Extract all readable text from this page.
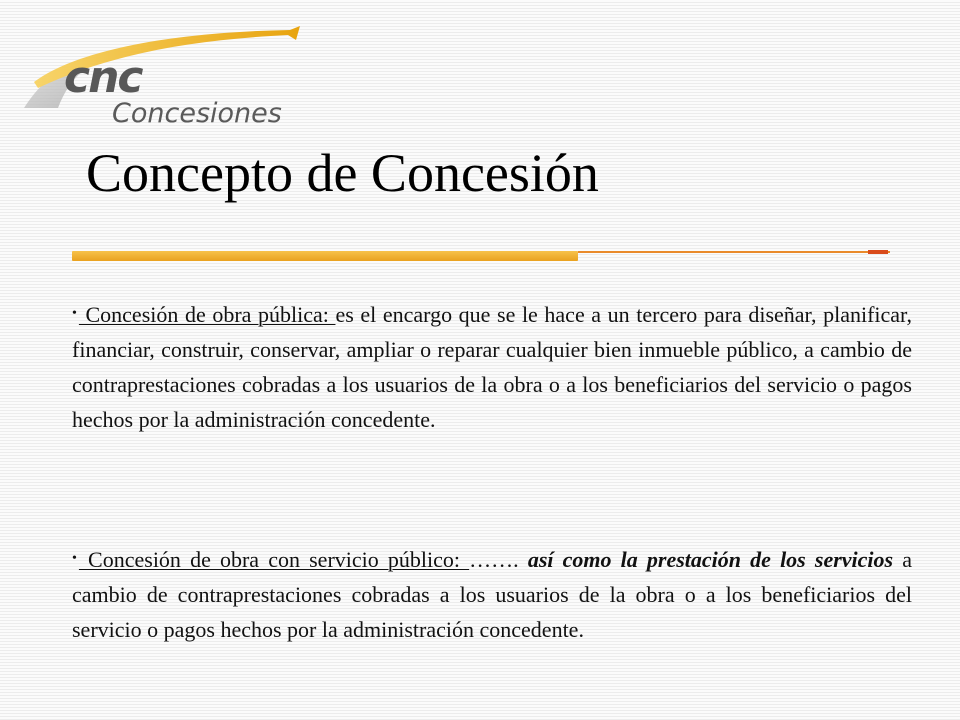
cnc
Concesiones
Concepto de Concesión

• Concesión de obra pública: es el encargo que se le hace a un tercero para diseñar, planificar, financiar, construir, conservar, ampliar o reparar cualquier bien inmueble público, a cambio de contraprestaciones cobradas a los usuarios de la obra o a los beneficiarios del servicio o pagos hechos por la administración concedente.

• Concesión de obra con servicio público: ……. así como la prestación de los servicios a cambio de contraprestaciones cobradas a los usuarios de la obra o a los beneficiarios del servicio o pagos hechos por la administración concedente.
